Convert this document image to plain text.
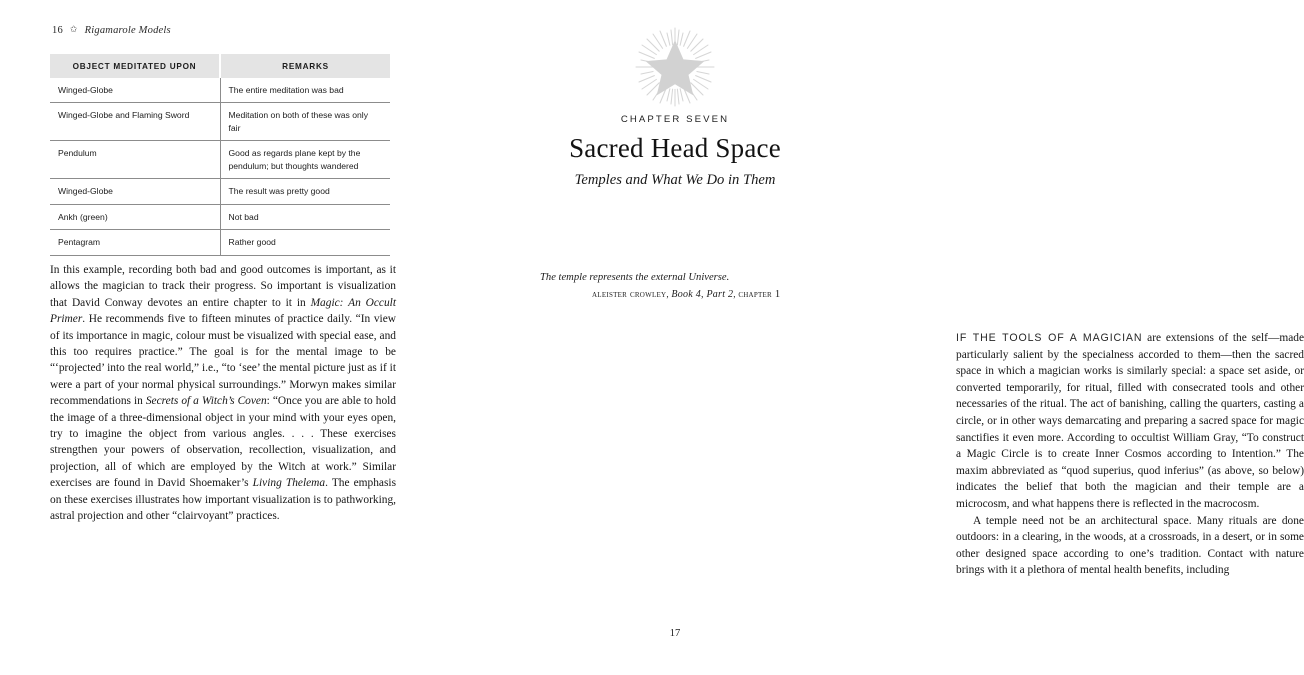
16 ✩ Rigamarole Models
OBJECT MEDITATED UPON	REMARKS
Winged-Globe	The entire meditation was bad
Winged-Globe and Flaming Sword	Meditation on both of these was only fair
Pendulum	Good as regards plane kept by the pendulum; but thoughts wandered
Winged-Globe	The result was pretty good
Ankh (green)	Not bad
Pentagram	Rather good

In this example, recording both bad and good outcomes is important, as it allows the magician to track their progress. So important is visualization that David Conway devotes an entire chapter to it in Magic: An Occult Primer. He recommends five to fifteen minutes of practice daily. “In view of its importance in magic, colour must be visualized with special ease, and this too requires practice.” The goal is for the mental image to be “‘projected’ into the real world,” i.e., “to ‘see’ the mental picture just as if it were a part of your normal physical surroundings.” Morwyn makes similar recommendations in Secrets of a Witch’s Coven: “Once you are able to hold the image of a three-dimensional object in your mind with your eyes open, try to imagine the object from various angles. . . . These exercises strengthen your powers of observation, recollection, visualization, and projection, all of which are employed by the Witch at work.” Similar exercises are found in David Shoemaker’s Living Thelema. The emphasis on these exercises illustrates how important visualization is to pathworking, astral projection and other “clairvoyant” practices.

CHAPTER SEVEN
Sacred Head Space

Temples and What We Do in Them

The temple represents the external Universe.

aleister crowley, Book 4, Part 2, chapter 1

IF THE TOOLS OF A MAGICIAN are extensions of the self—made particularly salient by the specialness accorded to them—then the sacred space in which a magician works is similarly special: a space set aside, or converted temporarily, for ritual, filled with consecrated tools and other necessaries of the ritual. The act of banishing, calling the quarters, casting a circle, or in other ways demarcating and preparing a sacred space for magic sanctifies it even more. According to occultist William Gray, “To construct a Magic Circle is to create Inner Cosmos according to Intention.” The maxim abbreviated as “quod superius, quod inferius” (as above, so below) indicates the belief that both the magician and their temple are a microcosm, and what happens there is reflected in the macrocosm.

A temple need not be an architectural space. Many rituals are done outdoors: in a clearing, in the woods, at a crossroads, in a desert, or in some other designed space according to one’s tradition. Contact with nature brings with it a plethora of mental health benefits, including

17
